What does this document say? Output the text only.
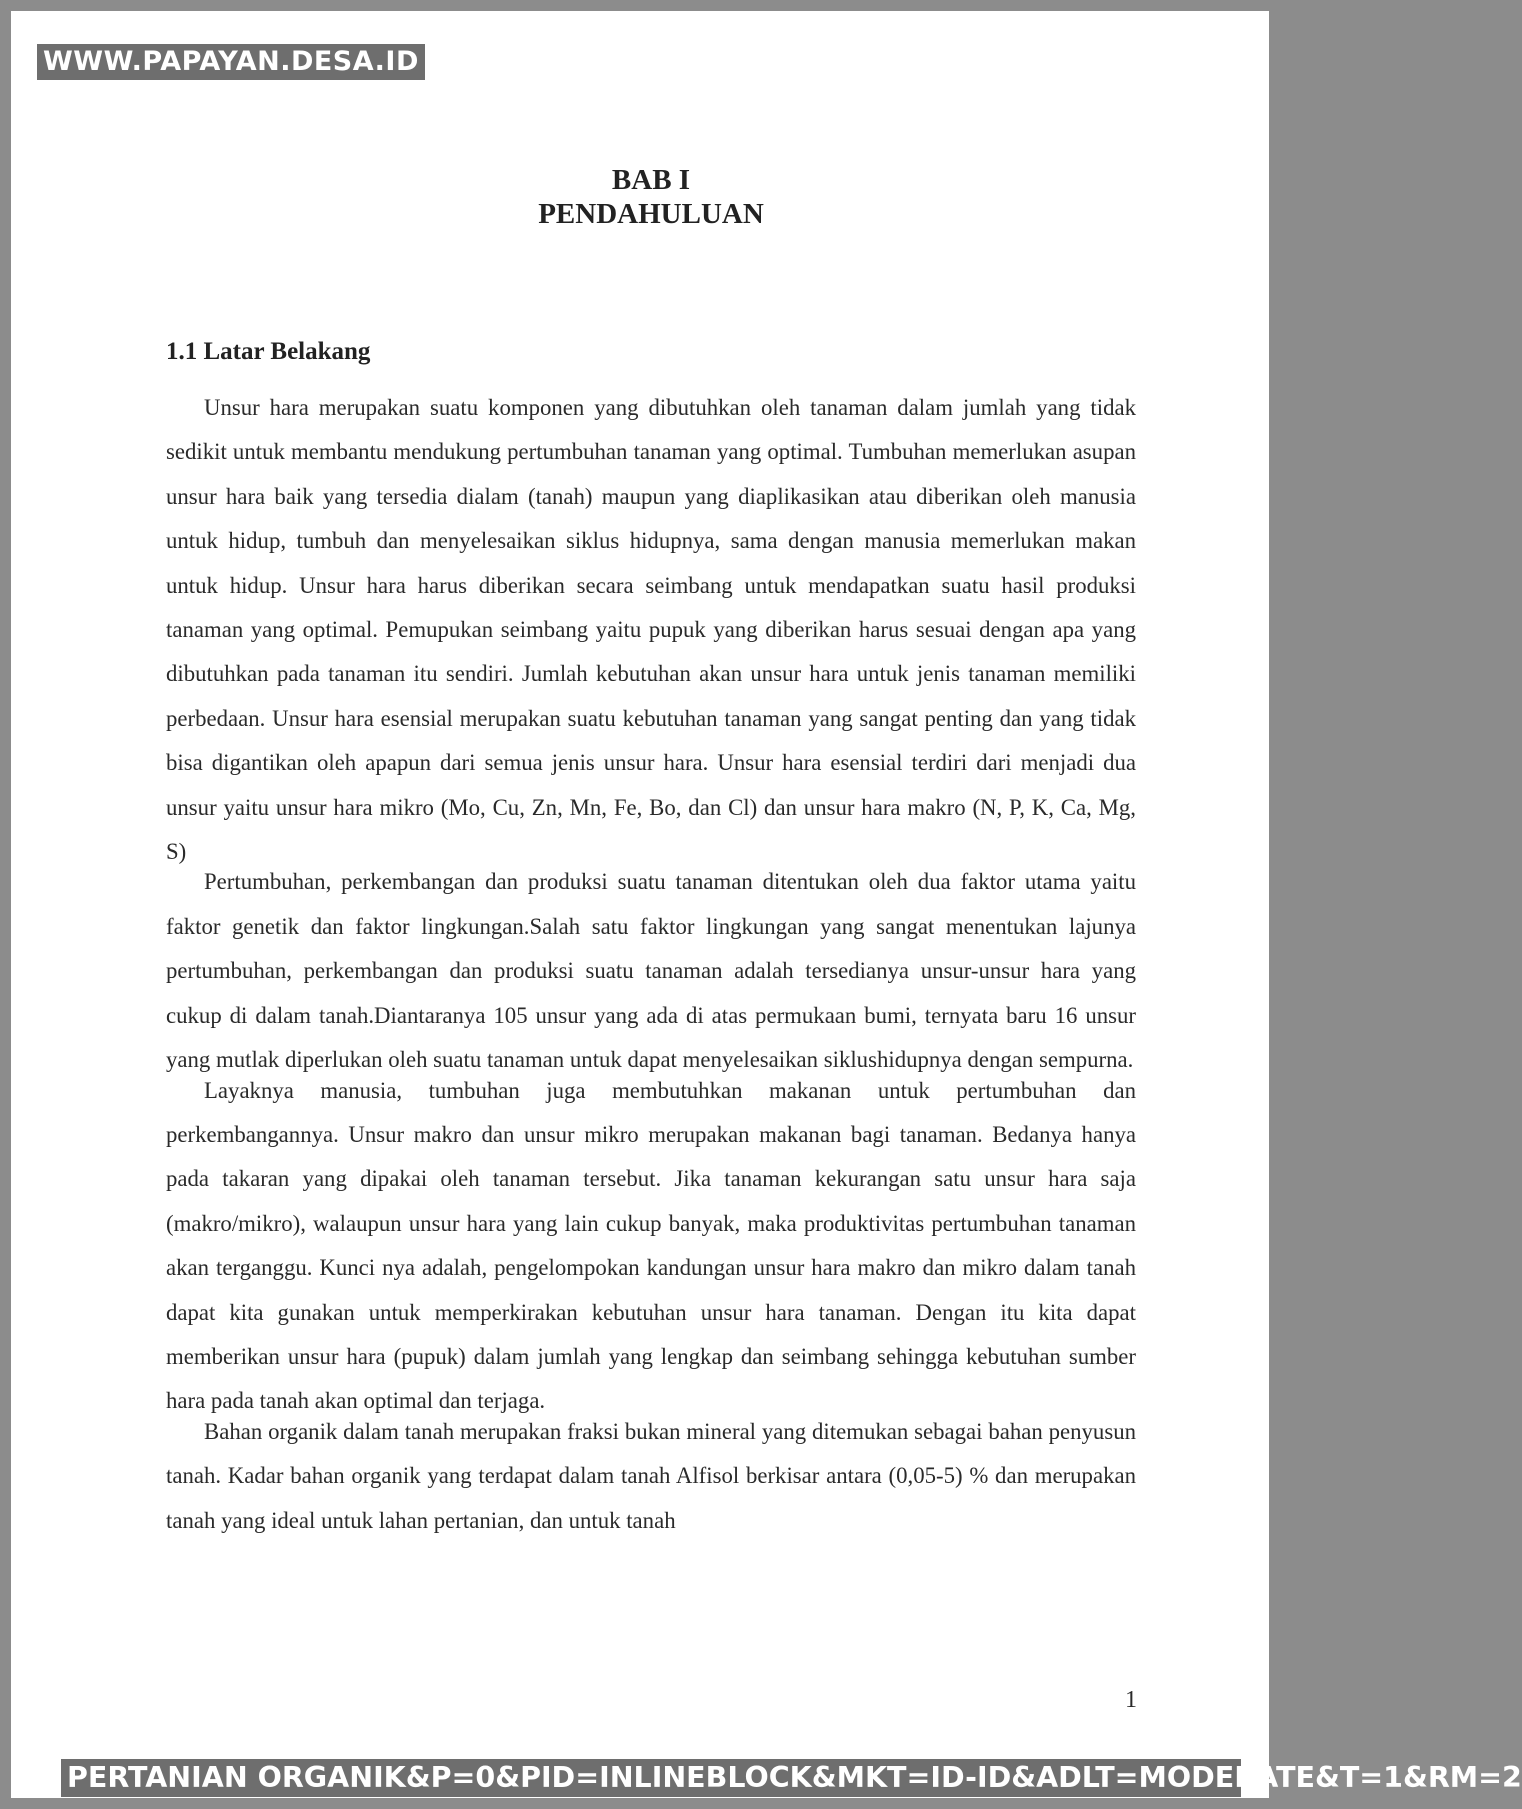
WWW.PAPAYAN.DESA.ID
BAB I
PENDAHULUAN
1.1 Latar Belakang

Unsur hara merupakan suatu komponen yang dibutuhkan oleh tanaman dalam jumlah yang tidak sedikit untuk membantu mendukung pertumbuhan tanaman yang optimal. Tumbuhan memerlukan asupan unsur hara baik yang tersedia dialam (tanah) maupun yang diaplikasikan atau diberikan oleh manusia untuk hidup, tumbuh dan menyelesaikan siklus hidupnya, sama dengan manusia memerlukan makan untuk hidup. Unsur hara harus diberikan secara seimbang untuk mendapatkan suatu hasil produksi tanaman yang optimal. Pemupukan seimbang yaitu pupuk yang diberikan harus sesuai dengan apa yang dibutuhkan pada tanaman itu sendiri. Jumlah kebutuhan akan unsur hara untuk jenis tanaman memiliki perbedaan. Unsur hara esensial merupakan suatu kebutuhan tanaman yang sangat penting dan yang tidak bisa digantikan oleh apapun dari semua jenis unsur hara. Unsur hara esensial terdiri dari menjadi dua unsur yaitu unsur hara mikro (Mo, Cu, Zn, Mn, Fe, Bo, dan Cl) dan unsur hara makro (N, P, K, Ca, Mg, S)

Pertumbuhan, perkembangan dan produksi suatu tanaman ditentukan oleh dua faktor utama yaitu faktor genetik dan faktor lingkungan.Salah satu faktor lingkungan yang sangat menentukan lajunya pertumbuhan, perkembangan dan produksi suatu tanaman adalah tersedianya unsur-unsur hara yang cukup di dalam tanah.Diantaranya 105 unsur yang ada di atas permukaan bumi, ternyata baru 16 unsur yang mutlak diperlukan oleh suatu tanaman untuk dapat menyelesaikan siklushidupnya dengan sempurna.

Layaknya manusia, tumbuhan juga membutuhkan makanan untuk pertumbuhan dan perkembangannya. Unsur makro dan unsur mikro merupakan makanan bagi tanaman. Bedanya hanya pada takaran yang dipakai oleh tanaman tersebut. Jika tanaman kekurangan satu unsur hara saja (makro/mikro), walaupun unsur hara yang lain cukup banyak, maka produktivitas pertumbuhan tanaman akan terganggu. Kunci nya adalah, pengelompokan kandungan unsur hara makro dan mikro dalam tanah dapat kita gunakan untuk memperkirakan kebutuhan unsur hara tanaman. Dengan itu kita dapat memberikan unsur hara (pupuk) dalam jumlah yang lengkap dan seimbang sehingga kebutuhan sumber hara pada tanah akan optimal dan terjaga.

Bahan organik dalam tanah merupakan fraksi bukan mineral yang ditemukan sebagai bahan penyusun tanah. Kadar bahan organik yang terdapat dalam tanah Alfisol berkisar antara (0,05-5) % dan merupakan tanah yang ideal untuk lahan pertanian, dan untuk tanah

1
PERTANIAN ORGANIK&P=0&PID=INLINEBLOCK&MKT=ID-ID&ADLT=MODERATE&T=1&RM=2
